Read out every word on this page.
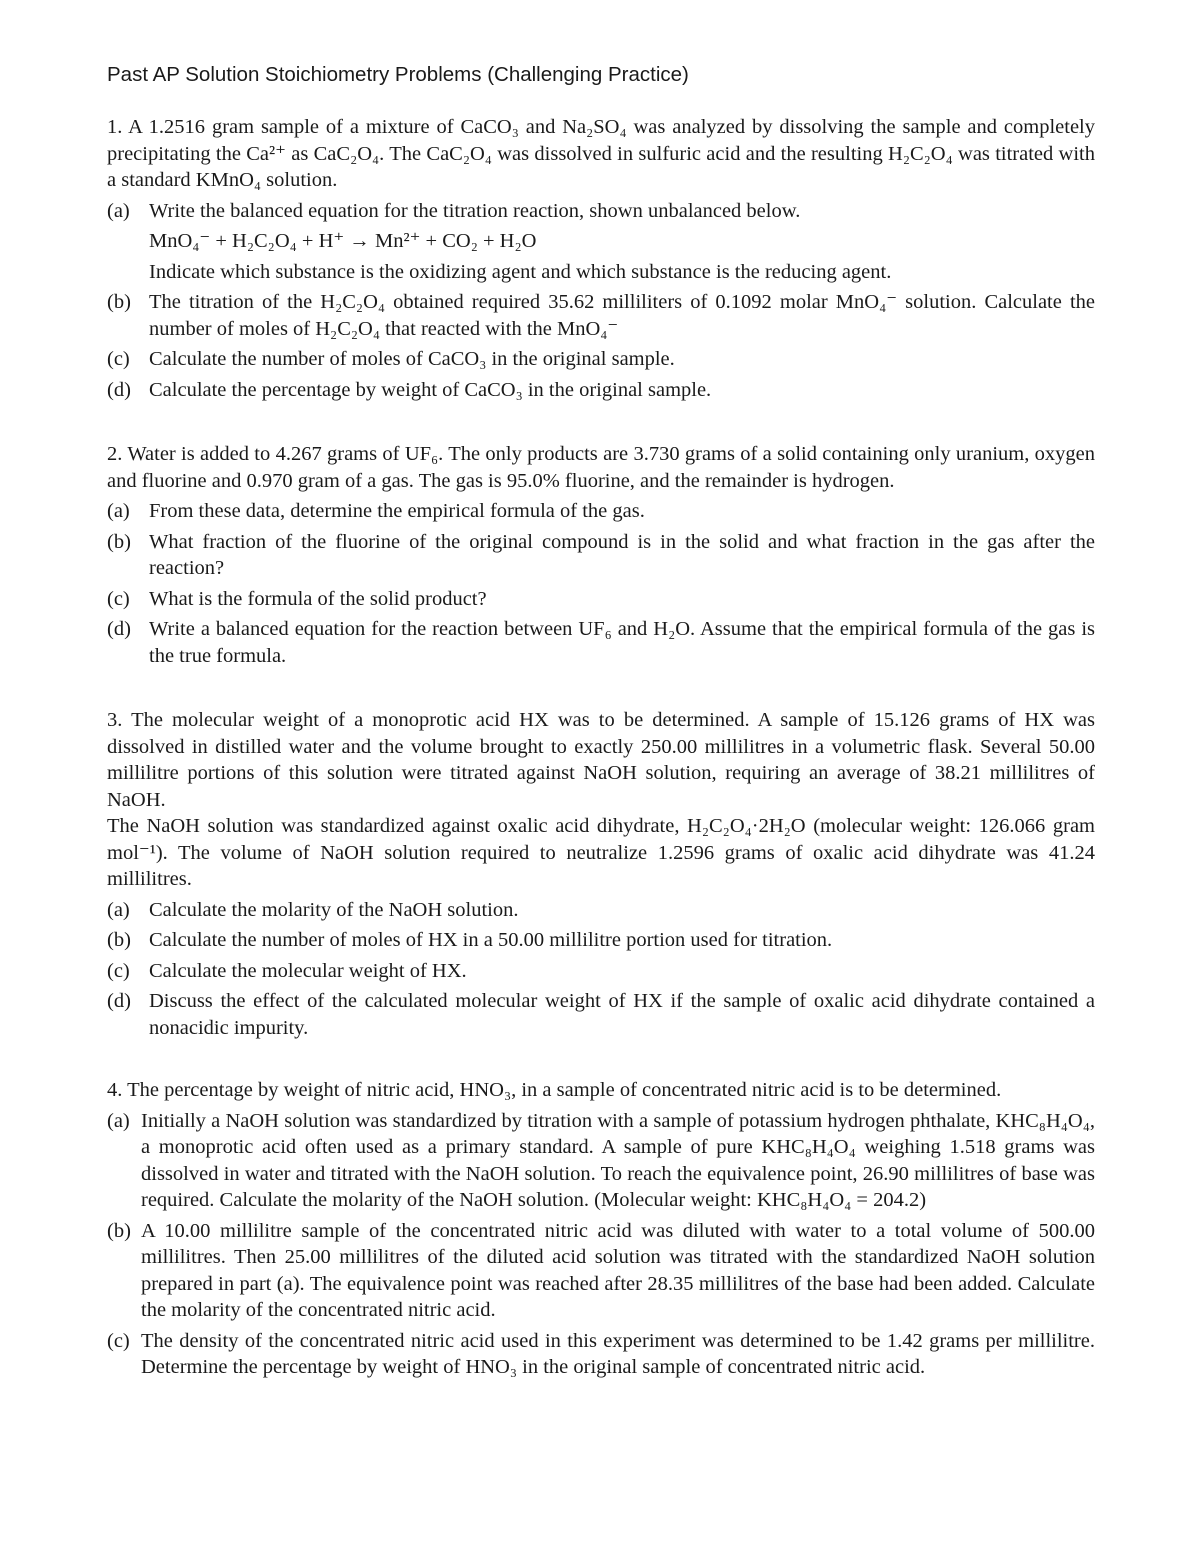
Past AP Solution Stoichiometry Problems (Challenging Practice)

1. A 1.2516 gram sample of a mixture of CaCO₃ and Na₂SO₄ was analyzed by dissolving the sample and completely precipitating the Ca²⁺ as CaC₂O₄. The CaC₂O₄ was dissolved in sulfuric acid and the resulting H₂C₂O₄ was titrated with a standard KMnO₄ solution.

(a) Write the balanced equation for the titration reaction, shown unbalanced below.
MnO₄⁻ + H₂C₂O₄ + H⁺ → Mn²⁺ + CO₂ + H₂O
Indicate which substance is the oxidizing agent and which substance is the reducing agent.
(b) The titration of the H₂C₂O₄ obtained required 35.62 milliliters of 0.1092 molar MnO₄⁻ solution. Calculate the number of moles of H₂C₂O₄ that reacted with the MnO₄⁻
(c) Calculate the number of moles of CaCO₃ in the original sample.
(d) Calculate the percentage by weight of CaCO₃ in the original sample.

2. Water is added to 4.267 grams of UF₆. The only products are 3.730 grams of a solid containing only uranium, oxygen and fluorine and 0.970 gram of a gas. The gas is 95.0% fluorine, and the remainder is hydrogen.

(a) From these data, determine the empirical formula of the gas.
(b) What fraction of the fluorine of the original compound is in the solid and what fraction in the gas after the reaction?
(c) What is the formula of the solid product?
(d) Write a balanced equation for the reaction between UF₆ and H₂O. Assume that the empirical formula of the gas is the true formula.

3. The molecular weight of a monoprotic acid HX was to be determined. A sample of 15.126 grams of HX was dissolved in distilled water and the volume brought to exactly 250.00 millilitres in a volumetric flask. Several 50.00 millilitre portions of this solution were titrated against NaOH solution, requiring an average of 38.21 millilitres of NaOH.

The NaOH solution was standardized against oxalic acid dihydrate, H₂C₂O₄·2H₂O (molecular weight: 126.066 gram mol⁻¹). The volume of NaOH solution required to neutralize 1.2596 grams of oxalic acid dihydrate was 41.24 millilitres.

(a) Calculate the molarity of the NaOH solution.
(b) Calculate the number of moles of HX in a 50.00 millilitre portion used for titration.
(c) Calculate the molecular weight of HX.
(d) Discuss the effect of the calculated molecular weight of HX if the sample of oxalic acid dihydrate contained a nonacidic impurity.

4. The percentage by weight of nitric acid, HNO₃, in a sample of concentrated nitric acid is to be determined.

(a) Initially a NaOH solution was standardized by titration with a sample of potassium hydrogen phthalate, KHC₈H₄O₄, a monoprotic acid often used as a primary standard. A sample of pure KHC₈H₄O₄ weighing 1.518 grams was dissolved in water and titrated with the NaOH solution. To reach the equivalence point, 26.90 millilitres of base was required. Calculate the molarity of the NaOH solution. (Molecular weight: KHC₈H₄O₄ = 204.2)
(b) A 10.00 millilitre sample of the concentrated nitric acid was diluted with water to a total volume of 500.00 millilitres. Then 25.00 millilitres of the diluted acid solution was titrated with the standardized NaOH solution prepared in part (a). The equivalence point was reached after 28.35 millilitres of the base had been added. Calculate the molarity of the concentrated nitric acid.
(c) The density of the concentrated nitric acid used in this experiment was determined to be 1.42 grams per millilitre. Determine the percentage by weight of HNO₃ in the original sample of concentrated nitric acid.
